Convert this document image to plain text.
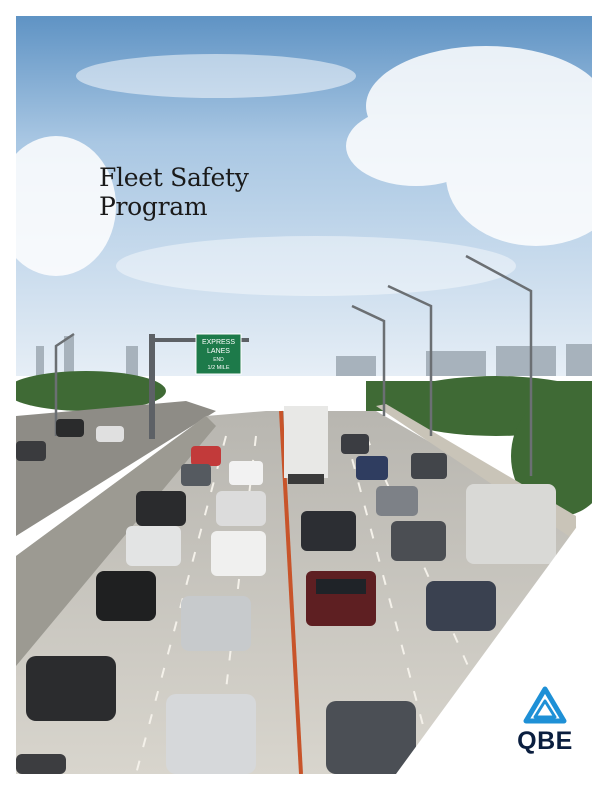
EXPRESS
LANES
END
1/2 MILE
Fleet Safety
Program
QBE
